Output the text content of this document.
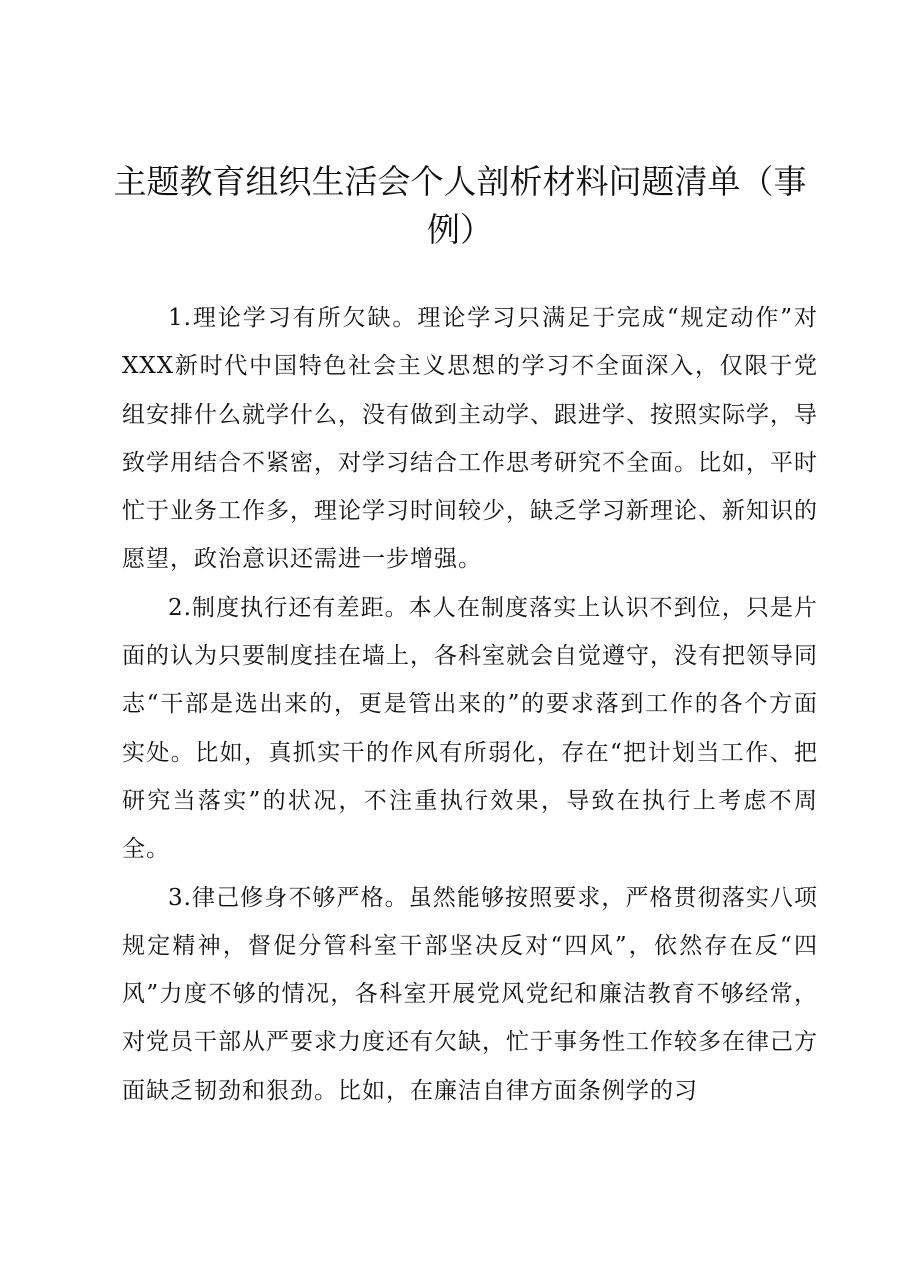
主题教育组织生活会个人剖析材料问题清单（事例）

1.理论学习有所欠缺。理论学习只满足于完成“规定动作”对XXX新时代中国特色社会主义思想的学习不全面深入，仅限于党组安排什么就学什么，没有做到主动学、跟进学、按照实际学，导致学用结合不紧密，对学习结合工作思考研究不全面。比如，平时忙于业务工作多，理论学习时间较少，缺乏学习新理论、新知识的愿望，政治意识还需进一步增强。

2.制度执行还有差距。本人在制度落实上认识不到位，只是片面的认为只要制度挂在墙上，各科室就会自觉遵守，没有把领导同志“干部是选出来的，更是管出来的”的要求落到工作的各个方面实处。比如，真抓实干的作风有所弱化，存在“把计划当工作、把研究当落实”的状况，不注重执行效果，导致在执行上考虑不周全。

3.律己修身不够严格。虽然能够按照要求，严格贯彻落实八项规定精神，督促分管科室干部坚决反对“四风”，依然存在反“四风”力度不够的情况，各科室开展党风党纪和廉洁教育不够经常，对党员干部从严要求力度还有欠缺，忙于事务性工作较多在律己方面缺乏韧劲和狠劲。比如，在廉洁自律方面条例学的习
